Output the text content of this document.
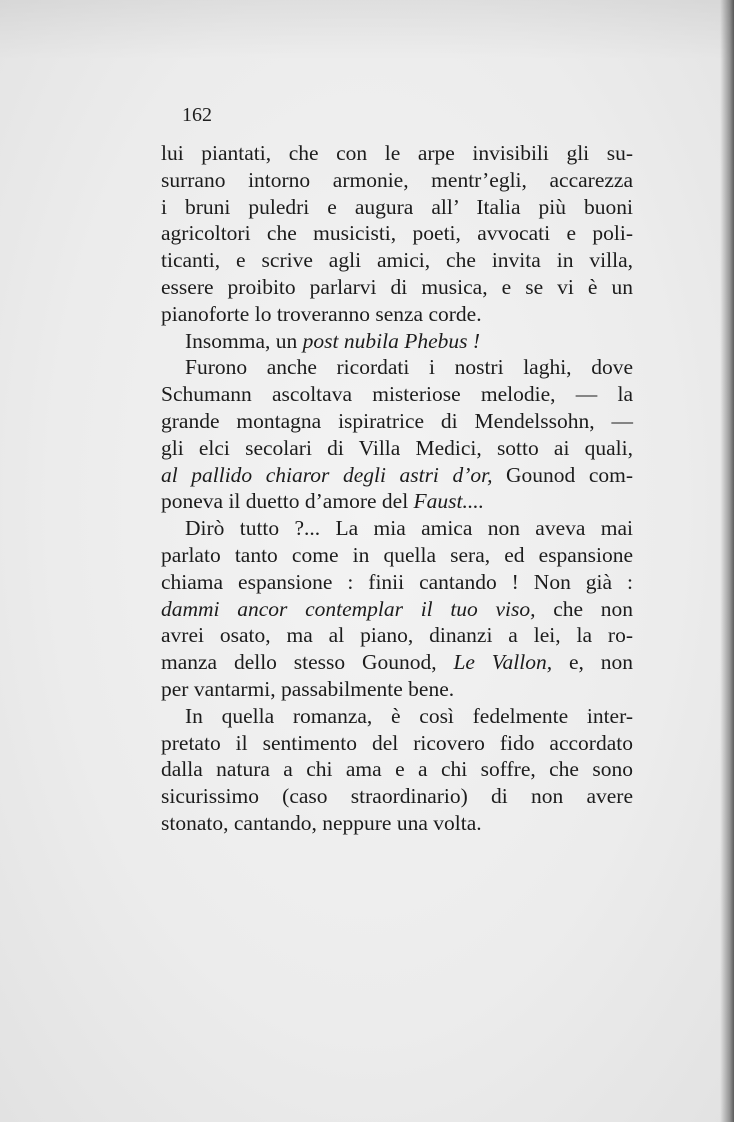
162
lui piantati, che con le arpe invisibili gli su-
surrano intorno armonie, mentr’egli, accarezza
i bruni puledri e augura all’ Italia più buoni
agricoltori che musicisti, poeti, avvocati e poli-
ticanti, e scrive agli amici, che invita in villa,
essere proibito parlarvi di musica, e se vi è un
pianoforte lo troveranno senza corde.
Insomma, un post nubila Phebus !
Furono anche ricordati i nostri laghi, dove
Schumann ascoltava misteriose melodie, — la
grande montagna ispiratrice di Mendelssohn, —
gli elci secolari di Villa Medici, sotto ai quali,
al pallido chiaror degli astri d’or, Gounod com-
poneva il duetto d’amore del Faust....
Dirò tutto ?... La mia amica non aveva mai
parlato tanto come in quella sera, ed espansione
chiama espansione : finii cantando ! Non già :
dammi ancor contemplar il tuo viso, che non
avrei osato, ma al piano, dinanzi a lei, la ro-
manza dello stesso Gounod, Le Vallon, e, non
per vantarmi, passabilmente bene.
In quella romanza, è così fedelmente inter-
pretato il sentimento del ricovero fido accordato
dalla natura a chi ama e a chi soffre, che sono
sicurissimo (caso straordinario) di non avere
stonato, cantando, neppure una volta.
